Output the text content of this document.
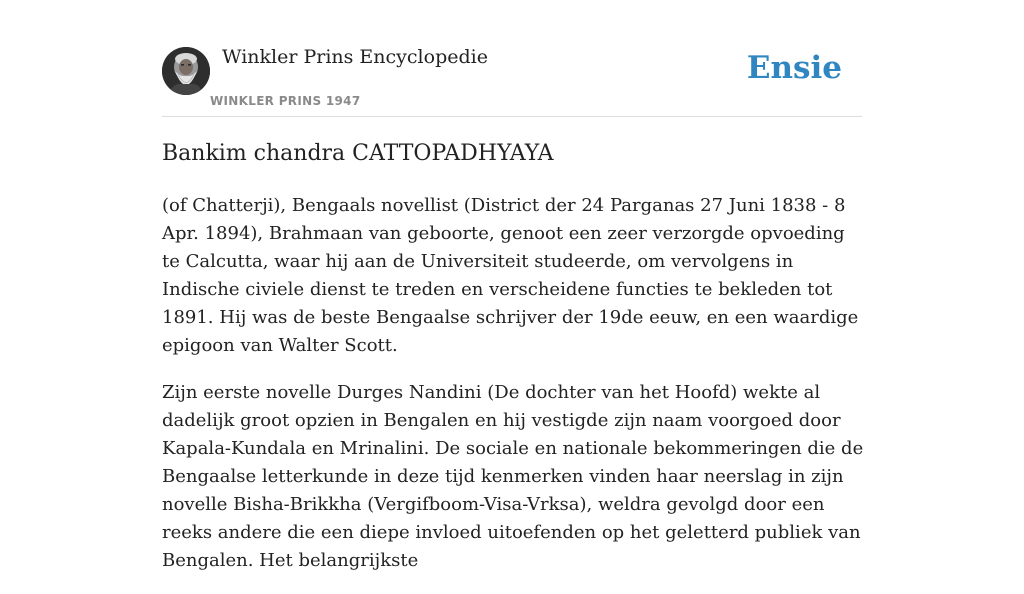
Winkler Prins Encyclopedie
WINKLER PRINS 1947
Ensie
Bankim chandra CATTOPADHYAYA

(of Chatterji), Bengaals novellist (District der 24 Parganas 27 Juni 1838 - 8 Apr. 1894), Brahmaan van geboorte, genoot een zeer verzorgde opvoeding te Calcutta, waar hij aan de Universiteit studeerde, om vervolgens in Indische civiele dienst te treden en verscheidene functies te bekleden tot 1891. Hij was de beste Bengaalse schrijver der 19de eeuw, en een waardige epigoon van Walter Scott.

Zijn eerste novelle Durges Nandini (De dochter van het Hoofd) wekte al dadelijk groot opzien in Bengalen en hij vestigde zijn naam voorgoed door Kapala-Kundala en Mrinalini. De sociale en nationale bekommeringen die de Bengaalse letterkunde in deze tijd kenmerken vinden haar neerslag in zijn novelle Bisha-Brikkha (Vergifboom-Visa-Vrksa), weldra gevolgd door een reeks andere die een diepe invloed uitoefenden op het geletterd publiek van Bengalen. Het belangrijkste
